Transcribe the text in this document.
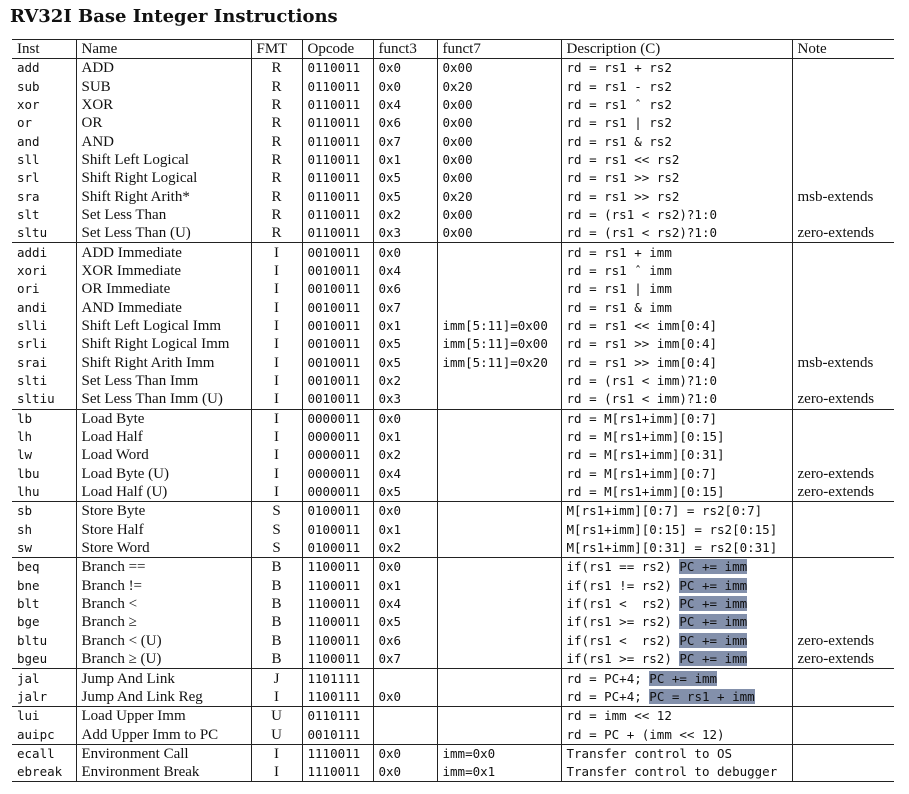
RV32I Base Integer Instructions
Inst	Name	FMT	Opcode	funct3	funct7	Description (C)	Note
add	ADD	R	0110011	0x0	0x00	rd = rs1 + rs2	
sub	SUB	R	0110011	0x0	0x20	rd = rs1 - rs2	
xor	XOR	R	0110011	0x4	0x00	rd = rs1 ˆ rs2	
or	OR	R	0110011	0x6	0x00	rd = rs1 | rs2	
and	AND	R	0110011	0x7	0x00	rd = rs1 & rs2	
sll	Shift Left Logical	R	0110011	0x1	0x00	rd = rs1 << rs2	
srl	Shift Right Logical	R	0110011	0x5	0x00	rd = rs1 >> rs2	
sra	Shift Right Arith*	R	0110011	0x5	0x20	rd = rs1 >> rs2	msb-extends
slt	Set Less Than	R	0110011	0x2	0x00	rd = (rs1 < rs2)?1:0	
sltu	Set Less Than (U)	R	0110011	0x3	0x00	rd = (rs1 < rs2)?1:0	zero-extends
addi	ADD Immediate	I	0010011	0x0		rd = rs1 + imm	
xori	XOR Immediate	I	0010011	0x4		rd = rs1 ˆ imm	
ori	OR Immediate	I	0010011	0x6		rd = rs1 | imm	
andi	AND Immediate	I	0010011	0x7		rd = rs1 & imm	
slli	Shift Left Logical Imm	I	0010011	0x1	imm[5:11]=0x00	rd = rs1 << imm[0:4]	
srli	Shift Right Logical Imm	I	0010011	0x5	imm[5:11]=0x00	rd = rs1 >> imm[0:4]	
srai	Shift Right Arith Imm	I	0010011	0x5	imm[5:11]=0x20	rd = rs1 >> imm[0:4]	msb-extends
slti	Set Less Than Imm	I	0010011	0x2		rd = (rs1 < imm)?1:0	
sltiu	Set Less Than Imm (U)	I	0010011	0x3		rd = (rs1 < imm)?1:0	zero-extends
lb	Load Byte	I	0000011	0x0		rd = M[rs1+imm][0:7]	
lh	Load Half	I	0000011	0x1		rd = M[rs1+imm][0:15]	
lw	Load Word	I	0000011	0x2		rd = M[rs1+imm][0:31]	
lbu	Load Byte (U)	I	0000011	0x4		rd = M[rs1+imm][0:7]	zero-extends
lhu	Load Half (U)	I	0000011	0x5		rd = M[rs1+imm][0:15]	zero-extends
sb	Store Byte	S	0100011	0x0		M[rs1+imm][0:7] = rs2[0:7]	
sh	Store Half	S	0100011	0x1		M[rs1+imm][0:15] = rs2[0:15]	
sw	Store Word	S	0100011	0x2		M[rs1+imm][0:31] = rs2[0:31]	
beq	Branch ==	B	1100011	0x0		if(rs1 == rs2) PC += imm	
bne	Branch !=	B	1100011	0x1		if(rs1 != rs2) PC += imm	
blt	Branch <	B	1100011	0x4		if(rs1 <  rs2) PC += imm	
bge	Branch ≥	B	1100011	0x5		if(rs1 >= rs2) PC += imm	
bltu	Branch < (U)	B	1100011	0x6		if(rs1 <  rs2) PC += imm	zero-extends
bgeu	Branch ≥ (U)	B	1100011	0x7		if(rs1 >= rs2) PC += imm	zero-extends
jal	Jump And Link	J	1101111			rd = PC+4; PC += imm	
jalr	Jump And Link Reg	I	1100111	0x0		rd = PC+4; PC = rs1 + imm	
lui	Load Upper Imm	U	0110111			rd = imm << 12	
auipc	Add Upper Imm to PC	U	0010111			rd = PC + (imm << 12)	
ecall	Environment Call	I	1110011	0x0	imm=0x0	Transfer control to OS	
ebreak	Environment Break	I	1110011	0x0	imm=0x1	Transfer control to debugger	
